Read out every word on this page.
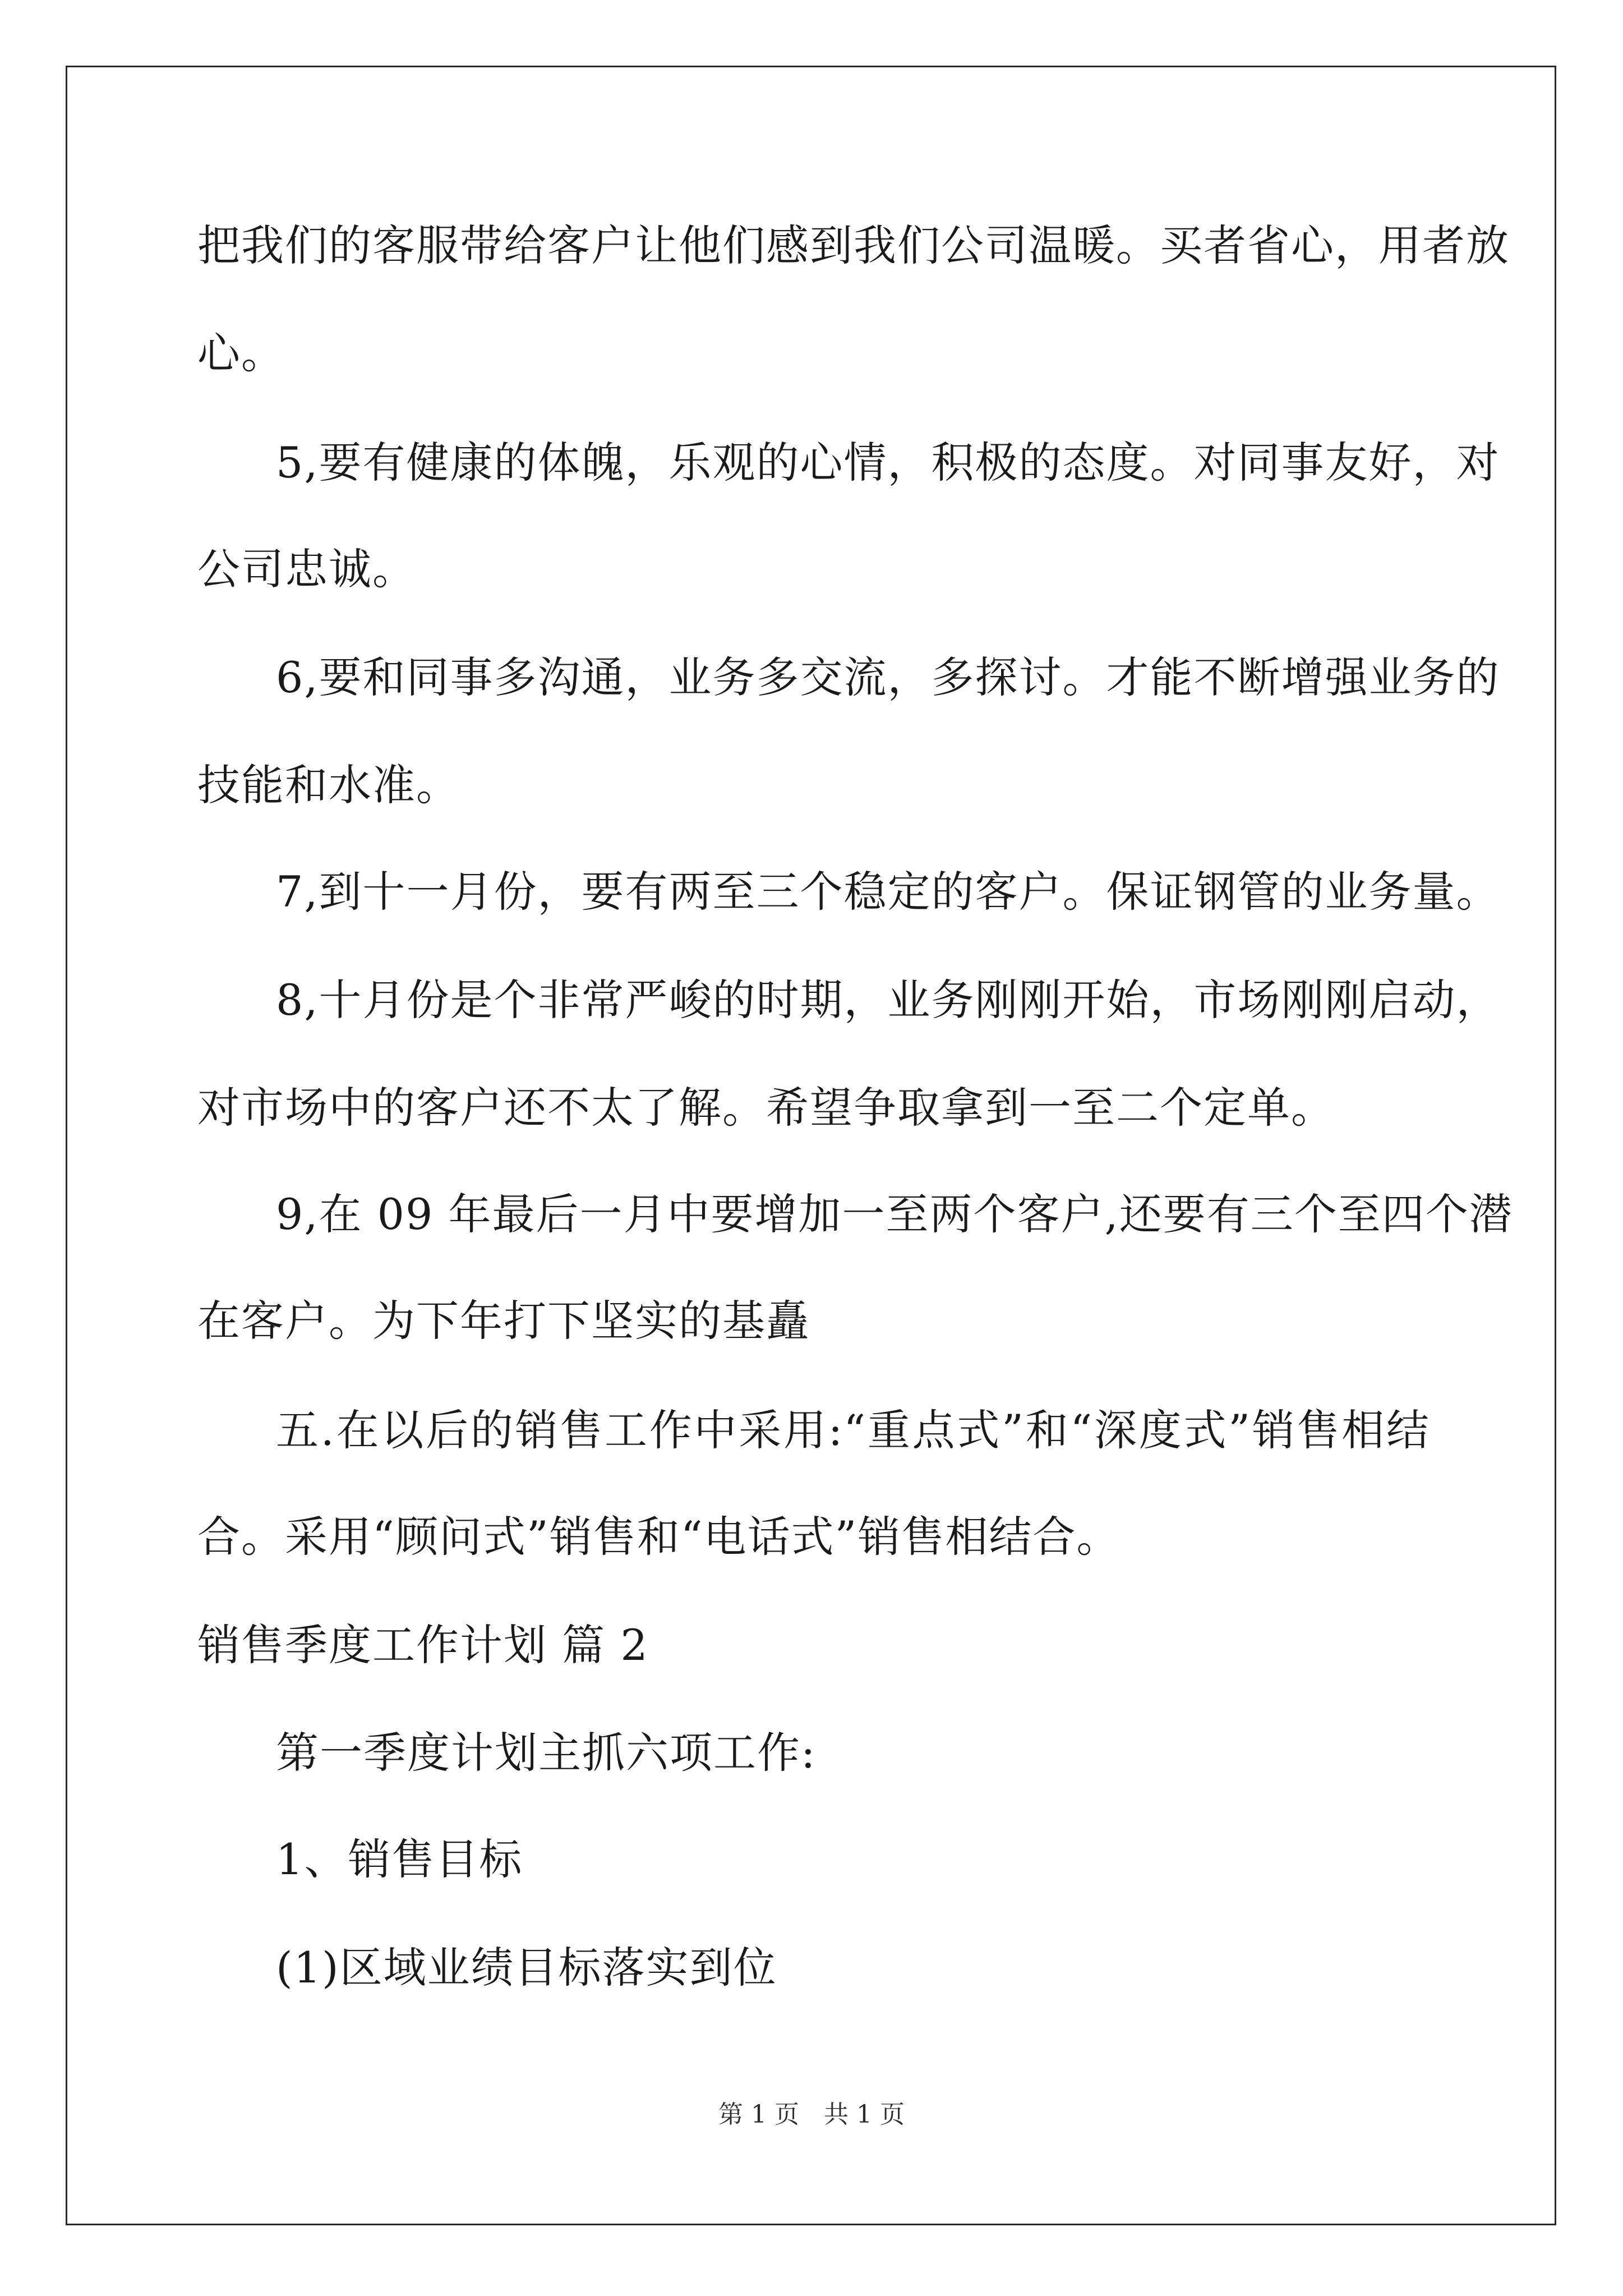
把我们的客服带给客户让他们感到我们公司温暖。买者省心，用者放
心。
5,要有健康的体魄，乐观的心情，积极的态度。对同事友好，对
公司忠诚。
6,要和同事多沟通，业务多交流，多探讨。才能不断增强业务的
技能和水准。
7,到十一月份，要有两至三个稳定的客户。保证钢管的业务量。
8,十月份是个非常严峻的时期，业务刚刚开始，市场刚刚启动，
对市场中的客户还不太了解。希望争取拿到一至二个定单。
9,在 09 年最后一月中要增加一至两个客户,还要有三个至四个潜
在客户。为下年打下坚实的基矗
五.在以后的销售工作中采用:“重点式”和“深度式”销售相结
合。采用“顾问式”销售和“电话式”销售相结合。
销售季度工作计划 篇 2
第一季度计划主抓六项工作:
1、销售目标
(1)区域业绩目标落实到位
第 1 页　共 1 页
